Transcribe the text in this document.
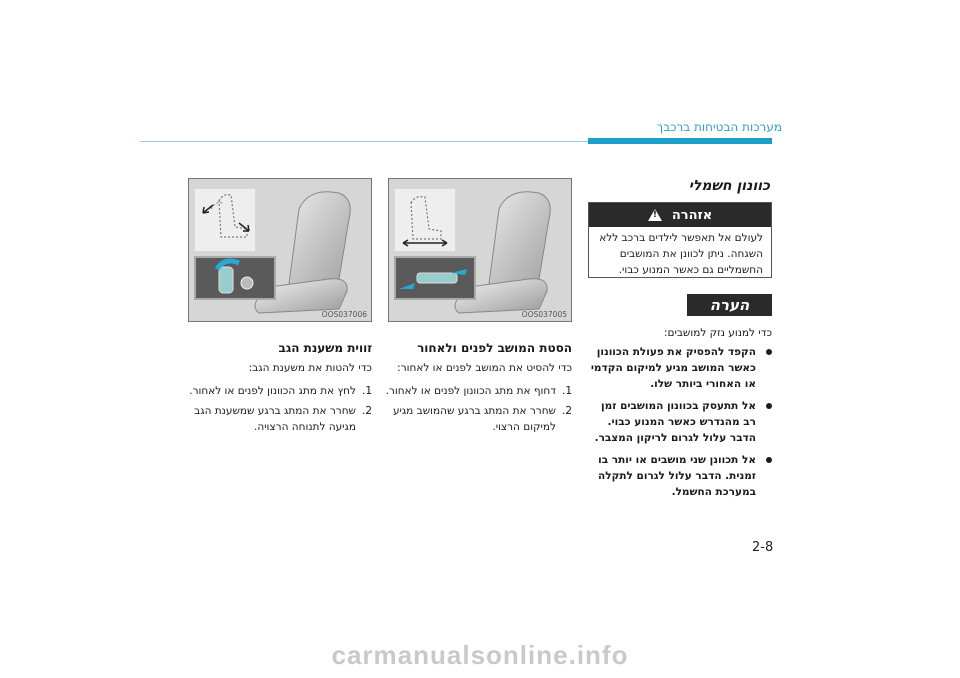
מערכות הבטיחות ברכבך
כוונון חשמלי
אזהרה
!
לעולם אל תאפשר לילדים ברכב ללא השגחה. ניתן לכוונן את המושבים החשמליים גם כאשר המנוע כבוי.
הערה
כדי למנוע נזק למושבים:
הקפד להפסיק את פעולת הכוונון כאשר המושב מגיע למיקום הקדמי או האחורי ביותר שלו.
אל תתעסק בכוונון המושבים זמן רב מהנדרש כאשר המנוע כבוי. הדבר עלול לגרום לריקון המצבר.
אל תכוונן שני מושבים או יותר בו זמנית. הדבר עלול לגרום לתקלה במערכת החשמל.
OOS037005
OOS037006
הסטת המושב לפנים ולאחור
כדי להסיט את המושב לפנים או לאחור:
1.
דחוף את מתג הכוונון לפנים או לאחור.
2.
שחרר את המתג ברגע שהמושב מגיע למיקום הרצוי.
זווית משענת הגב
כדי להטות את משענת הגב:
1.
לחץ את מתג הכוונון לפנים או לאחור.
2.
שחרר את המתג ברגע שמשענת הגב מגיעה לתנוחה הרצויה.
2-8
carmanualsonline.info
